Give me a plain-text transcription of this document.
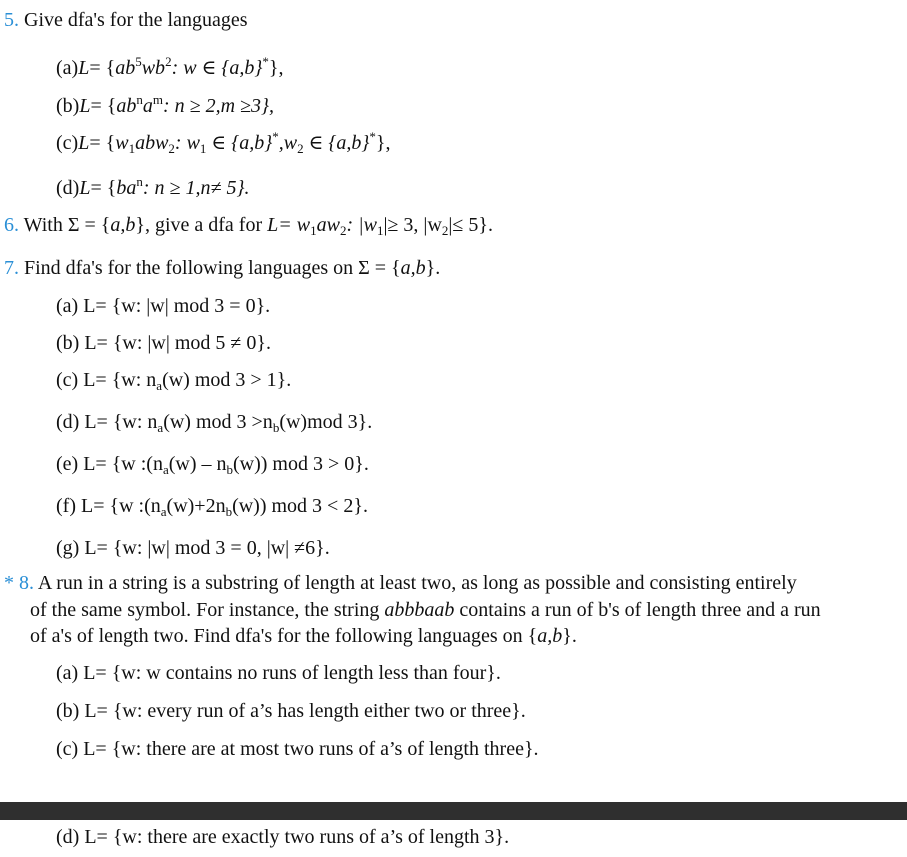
5. Give dfa's for the languages
$(a)L= \{ab^5wb^2$: w ∈ {a,b}*},
$(b)L= \{ab^na^m$: n ≥ 2,m ≥3},
$(c)L= \{w_1abw_2$: $w_1$ ∈ $\{a,b\}^*,w_2$ ∈ {a,b}*},
$(d)L= \{ba^n$: n ≥ 1,n≠ 5}.
6. With Σ = {a,b}, give a dfa for $L= w_1aw_2$: $|w_1|\ge 3$, $|w_2|\le 5$}.
7. Find dfa's for the following languages on Σ = {a,b}.
(a) L= {w: |w| mod 3 = 0}.
(b) L= {w: |w| mod 5 ≠ 0}.
(c) L= {w: $n_a(w)$ mod 3 > 1}.
(d) L= {w: $n_a(w)$ mod $3 >n_b(w)mod$ 3}.
(e) L= {w $:(n_a(w) - n_b(w))$ mod 3 > 0}.
(f) L= {w $:(n_a(w)+2n_b(w))$ mod 3 < 2}.
(g) L= {w: |w| mod 3 = 0, |w| ≠6}.
* 8. A run in a string is a substring of length at least two, as long as possible and consisting entirely
of the same symbol. For instance, the string abbbaab contains a run of b's of length three and a run
of a's of length two. Find dfa's for the following languages on {a,b}.
(a) L= {w: w contains no runs of length less than four}.
(b) L= {w: every run of a’s has length either two or three}.
(c) L= {w: there are at most two runs of a’s of length three}.
(d) L= {w: there are exactly two runs of a’s of length 3}.
